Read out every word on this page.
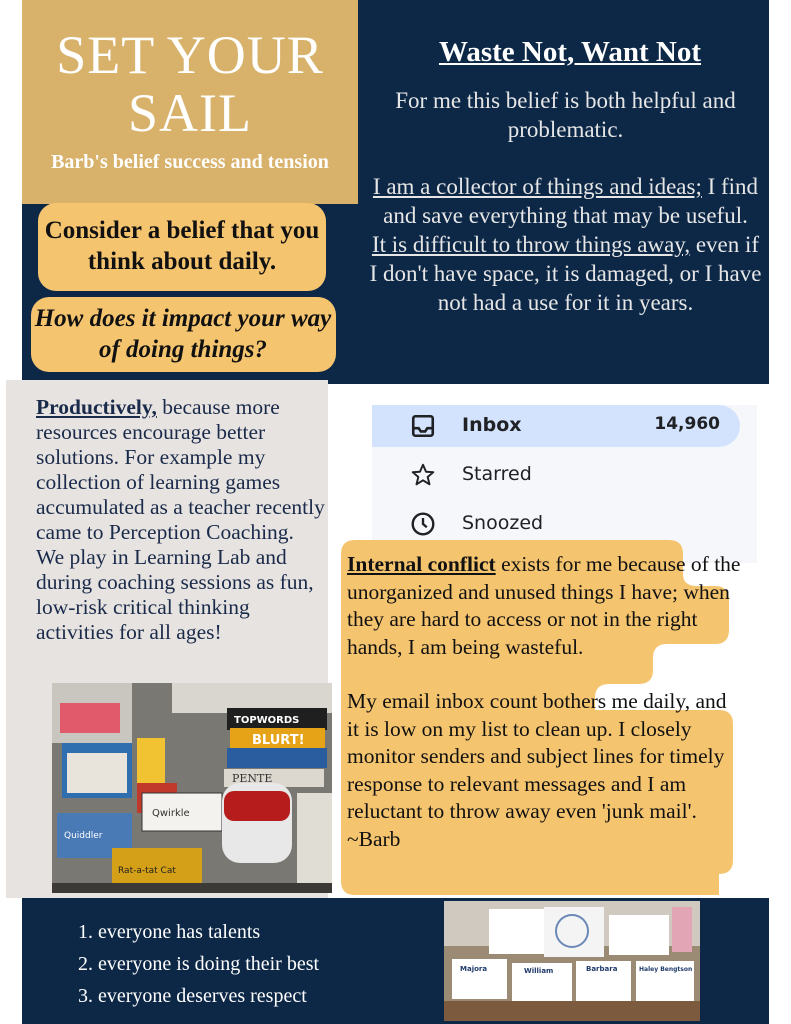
SET YOUR SAIL
Barb's belief success and tension
Consider a belief that you think about daily.
How does it impact your way of doing things?
Waste Not, Want Not

For me this belief is both helpful and problematic.

I am a collector of things and ideas; I find and save everything that may be useful.

It is difficult to throw things away, even if I don't have space, it is damaged, or I have not had a use for it in years.

Productively, because more resources encourage better solutions. For example my collection of learning games accumulated as a teacher recently came to Perception Coaching. We play in Learning Lab and during coaching sessions as fun, low-risk critical thinking activities for all ages!
TOPWORDS
BLURT!
PENTE
Qwirkle
Quiddler
Rat-a-tat Cat
Inbox	14,960
Starred
Snoozed

Internal conflict exists for me because of the unorganized and unused things I have; when they are hard to access or not in the right hands, I am being wasteful.

My email inbox count bothers me daily, and it is low on my list to clean up. I closely monitor senders and subject lines for timely response to relevant messages and I am reluctant to throw away even 'junk mail'. ~Barb

1. everyone has talents
2. everyone is doing their best
3. everyone deserves respect
Majora	William	Barbara	Haley Bengtson
